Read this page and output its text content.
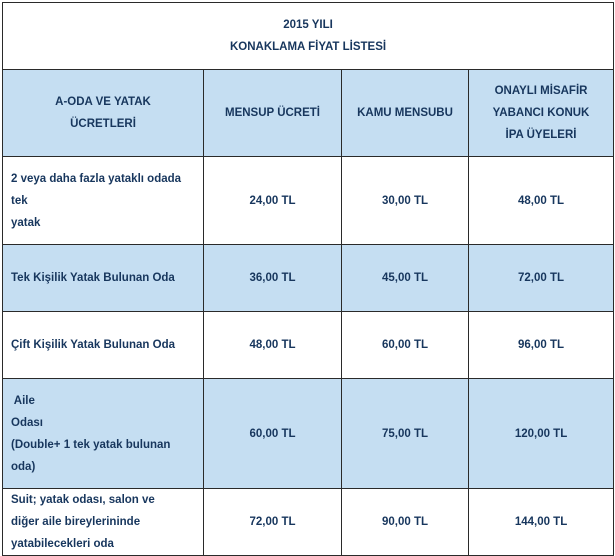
2015 YILI
KONAKLAMA FİYAT LİSTESİ			

A-ODA VE YATAK
ÜCRETLERİ	MENSUP ÜCRETİ	KAMU MENSUBU	ONAYLI MİSAFİR
YABANCI KONUK
İPA ÜYELERİ

2 veya daha fazla yataklı odada
tek
yatak	24,00 TL	30,00 TL	48,00 TL

Tek Kişilik Yatak Bulunan Oda	36,00 TL	45,00 TL	72,00 TL

Çift Kişilik Yatak Bulunan Oda	48,00 TL	60,00 TL	96,00 TL

Aile
Odası
(Double+ 1 tek yatak bulunan
oda)	60,00 TL	75,00 TL	120,00 TL

Suit; yatak odası, salon ve
diğer aile bireylerininde
yatabilecekleri oda	72,00 TL	90,00 TL	144,00 TL
